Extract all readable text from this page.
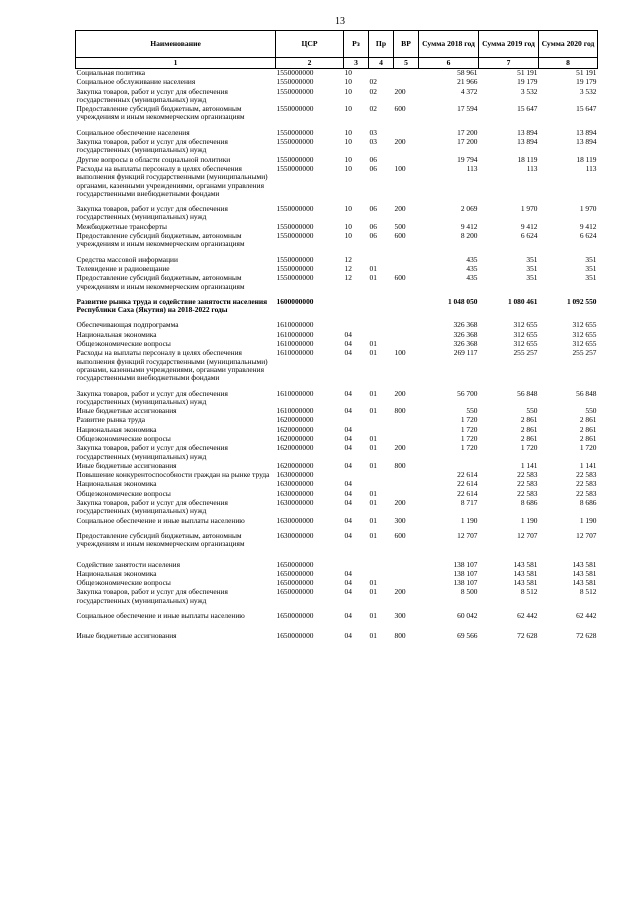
13
Наименование	ЦСР	Рз	Пр	ВР	Сумма 2018 год	Сумма 2019 год	Сумма 2020 год
1	2	3	4	5	6	7	8
Социальная политика	1550000000	10			58 961	51 191	51 191
Социальное обслуживание населения	1550000000	10	02		21 966	19 179	19 179
Закупка товаров, работ и услуг для обеспечения государственных (муниципальных) нужд	1550000000	10	02	200	4 372	3 532	3 532
Предоставление субсидий бюджетным, автономным учреждениям и иным некоммерческим организациям	1550000000	10	02	600	17 594	15 647	15 647
Социальное обеспечение населения	1550000000	10	03		17 200	13 894	13 894
Закупка товаров, работ и услуг для обеспечения государственных (муниципальных) нужд	1550000000	10	03	200	17 200	13 894	13 894
Другие вопросы в области социальной политики	1550000000	10	06		19 794	18 119	18 119
Расходы на выплаты персоналу в целях обеспечения выполнения функций государственными (муниципальными) органами, казенными учреждениями, органами управления государственными внебюджетными фондами	1550000000	10	06	100	113	113	113
Закупка товаров, работ и услуг для обеспечения государственных (муниципальных) нужд	1550000000	10	06	200	2 069	1 970	1 970
Межбюджетные трансферты	1550000000	10	06	500	9 412	9 412	9 412
Предоставление субсидий бюджетным, автономным учреждениям и иным некоммерческим организациям	1550000000	10	06	600	8 200	6 624	6 624
Средства массовой информации	1550000000	12			435	351	351
Телевидение и радиовещание	1550000000	12	01		435	351	351
Предоставление субсидий бюджетным, автономным учреждениям и иным некоммерческим организациям	1550000000	12	01	600	435	351	351
Развитие рынка труда и содействие занятости населения Республики Саха (Якутия) на 2018-2022 годы	1600000000				1 048 050	1 080 461	1 092 550
Обеспечивающая подпрограмма	1610000000				326 368	312 655	312 655
Национальная экономика	1610000000	04			326 368	312 655	312 655
Общеэкономические вопросы	1610000000	04	01		326 368	312 655	312 655
Расходы на выплаты персоналу в целях обеспечения выполнения функций государственными (муниципальными) органами, казенными учреждениями, органами управления государственными внебюджетными фондами	1610000000	04	01	100	269 117	255 257	255 257
Закупка товаров, работ и услуг для обеспечения государственных (муниципальных) нужд	1610000000	04	01	200	56 700	56 848	56 848
Иные бюджетные ассигнования	1610000000	04	01	800	550	550	550
Развитие рынка труда	1620000000				1 720	2 861	2 861
Национальная экономика	1620000000	04			1 720	2 861	2 861
Общеэкономические вопросы	1620000000	04	01		1 720	2 861	2 861
Закупка товаров, работ и услуг для обеспечения государственных (муниципальных) нужд	1620000000	04	01	200	1 720	1 720	1 720
Иные бюджетные ассигнования	1620000000	04	01	800		1 141	1 141
Повышение конкурентоспособности граждан на рынке труда	1630000000				22 614	22 583	22 583
Национальная экономика	1630000000	04			22 614	22 583	22 583
Общеэкономические вопросы	1630000000	04	01		22 614	22 583	22 583
Закупка товаров, работ и услуг для обеспечения государственных (муниципальных) нужд	1630000000	04	01	200	8 717	8 686	8 686
Социальное обеспечение и иные выплаты населению	1630000000	04	01	300	1 190	1 190	1 190
Предоставление субсидий бюджетным, автономным учреждениям и иным некоммерческим организациям	1630000000	04	01	600	12 707	12 707	12 707
Содействие занятости населения	1650000000				138 107	143 581	143 581
Национальная экономика	1650000000	04			138 107	143 581	143 581
Общеэкономические вопросы	1650000000	04	01		138 107	143 581	143 581
Закупка товаров, работ и услуг для обеспечения государственных (муниципальных) нужд	1650000000	04	01	200	8 500	8 512	8 512
Социальное обеспечение и иные выплаты населению	1650000000	04	01	300	60 042	62 442	62 442
Иные бюджетные ассигнования	1650000000	04	01	800	69 566	72 628	72 628
